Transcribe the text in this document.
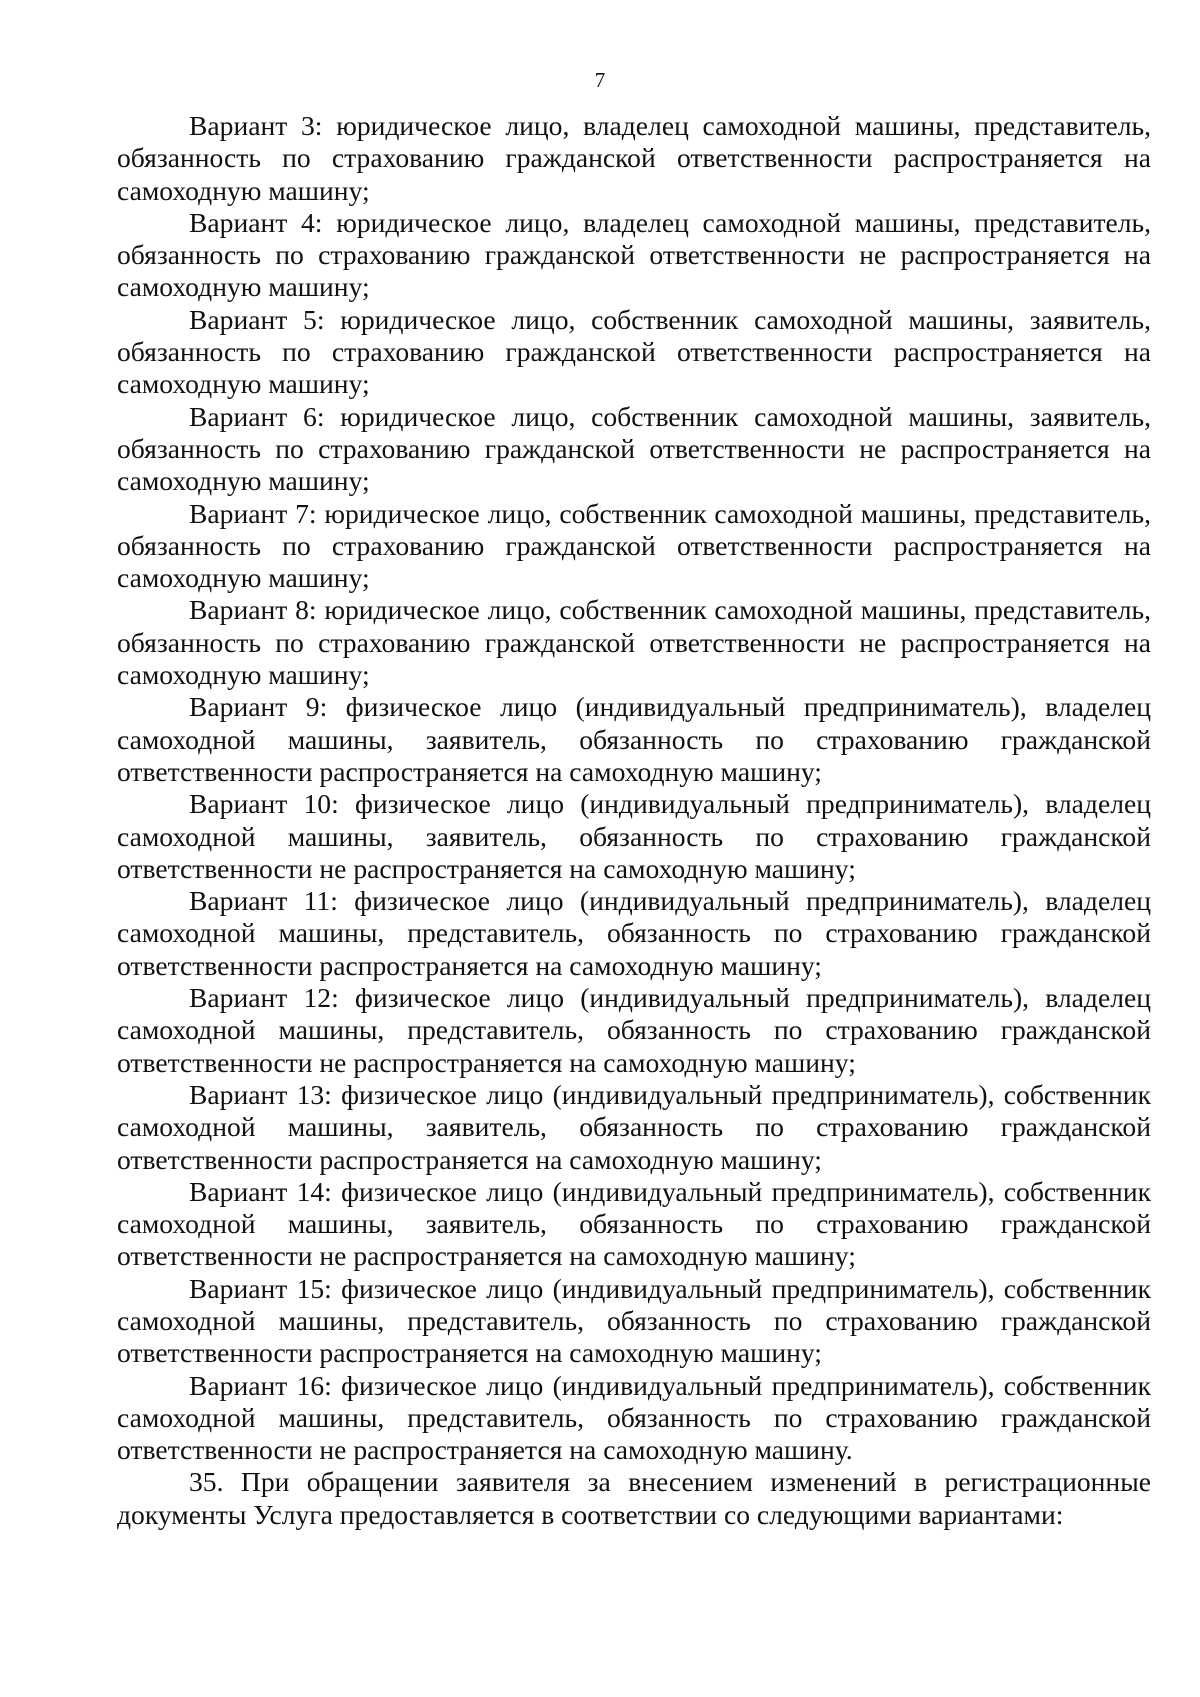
7

Вариант 3: юридическое лицо, владелец самоходной машины, представитель, обязанность по страхованию гражданской ответственности распространяется на самоходную машину;

Вариант 4: юридическое лицо, владелец самоходной машины, представитель, обязанность по страхованию гражданской ответственности не распространяется на самоходную машину;

Вариант 5: юридическое лицо, собственник самоходной машины, заявитель, обязанность по страхованию гражданской ответственности распространяется на самоходную машину;

Вариант 6: юридическое лицо, собственник самоходной машины, заявитель, обязанность по страхованию гражданской ответственности не распространяется на самоходную машину;

Вариант 7: юридическое лицо, собственник самоходной машины, представитель, обязанность по страхованию гражданской ответственности распространяется на самоходную машину;

Вариант 8: юридическое лицо, собственник самоходной машины, представитель, обязанность по страхованию гражданской ответственности не распространяется на самоходную машину;

Вариант 9: физическое лицо (индивидуальный предприниматель), владелец самоходной машины, заявитель, обязанность по страхованию гражданской ответственности распространяется на самоходную машину;

Вариант 10: физическое лицо (индивидуальный предприниматель), владелец самоходной машины, заявитель, обязанность по страхованию гражданской ответственности не распространяется на самоходную машину;

Вариант 11: физическое лицо (индивидуальный предприниматель), владелец самоходной машины, представитель, обязанность по страхованию гражданской ответственности распространяется на самоходную машину;

Вариант 12: физическое лицо (индивидуальный предприниматель), владелец самоходной машины, представитель, обязанность по страхованию гражданской ответственности не распространяется на самоходную машину;

Вариант 13: физическое лицо (индивидуальный предприниматель), собственник самоходной машины, заявитель, обязанность по страхованию гражданской ответственности распространяется на самоходную машину;

Вариант 14: физическое лицо (индивидуальный предприниматель), собственник самоходной машины, заявитель, обязанность по страхованию гражданской ответственности не распространяется на самоходную машину;

Вариант 15: физическое лицо (индивидуальный предприниматель), собственник самоходной машины, представитель, обязанность по страхованию гражданской ответственности распространяется на самоходную машину;

Вариант 16: физическое лицо (индивидуальный предприниматель), собственник самоходной машины, представитель, обязанность по страхованию гражданской ответственности не распространяется на самоходную машину.

35. При обращении заявителя за внесением изменений в регистрационные документы Услуга предоставляется в соответствии со следующими вариантами:
